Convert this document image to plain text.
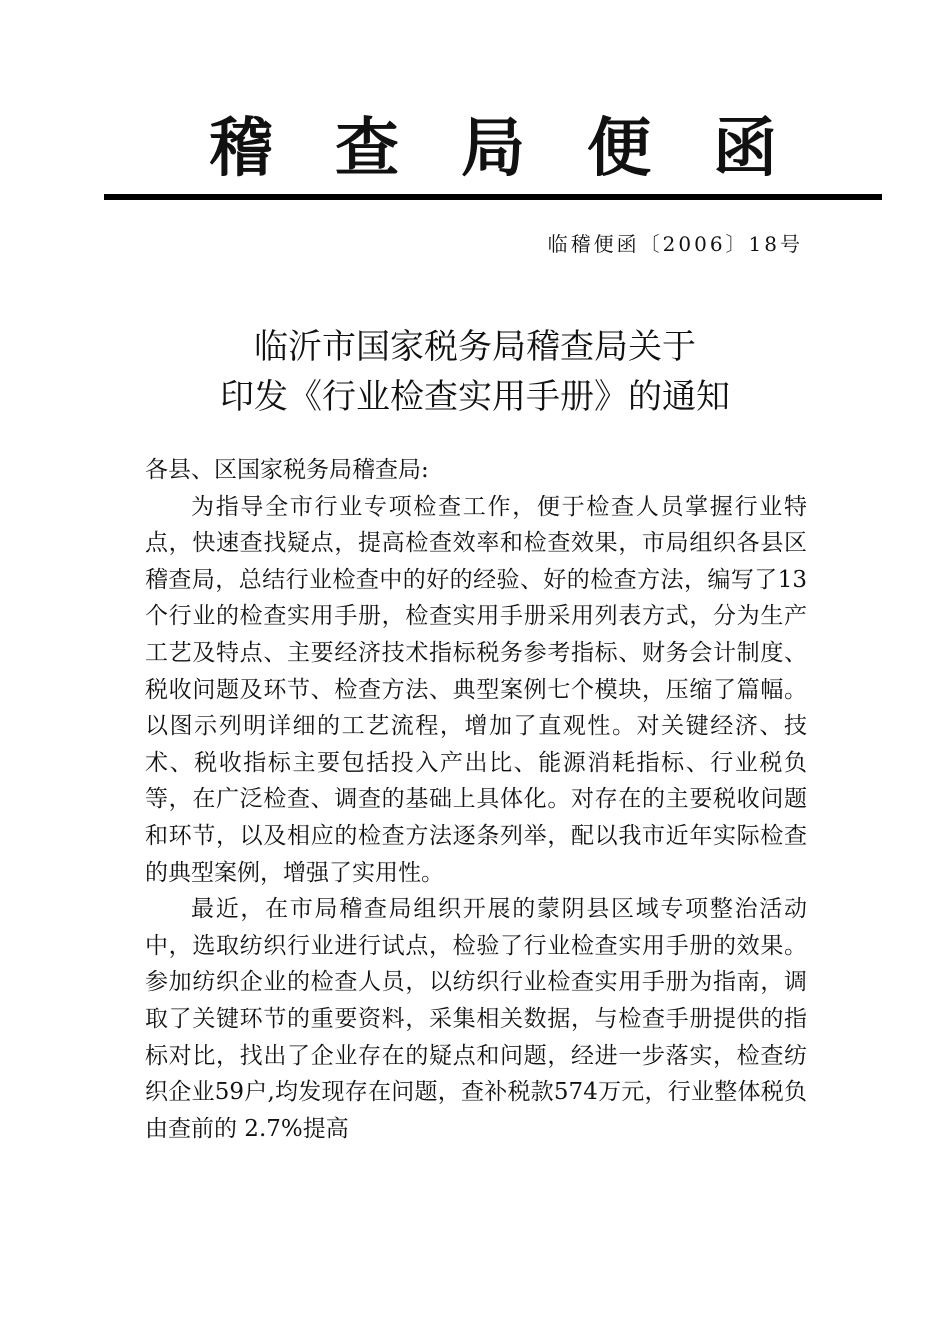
稽查局便函
临稽便函〔2006〕18号
临沂市国家税务局稽查局关于
印发《行业检查实用手册》的通知
各县、区国家税务局稽查局:

为指导全市行业专项检查工作，便于检查人员掌握行业特点，快速查找疑点，提高检查效率和检查效果，市局组织各县区稽查局，总结行业检查中的好的经验、好的检查方法，编写了13个行业的检查实用手册，检查实用手册采用列表方式，分为生产工艺及特点、主要经济技术指标税务参考指标、财务会计制度、税收问题及环节、检查方法、典型案例七个模块，压缩了篇幅。以图示列明详细的工艺流程，增加了直观性。对关键经济、技术、税收指标主要包括投入产出比、能源消耗指标、行业税负等，在广泛检查、调查的基础上具体化。对存在的主要税收问题和环节，以及相应的检查方法逐条列举，配以我市近年实际检查的典型案例，增强了实用性。

最近，在市局稽查局组织开展的蒙阴县区域专项整治活动中，选取纺织行业进行试点，检验了行业检查实用手册的效果。参加纺织企业的检查人员，以纺织行业检查实用手册为指南，调取了关键环节的重要资料，采集相关数据，与检查手册提供的指标对比，找出了企业存在的疑点和问题，经进一步落实，检查纺织企业59户,均发现存在问题，查补税款574万元，行业整体税负由查前的 2.7%提高
